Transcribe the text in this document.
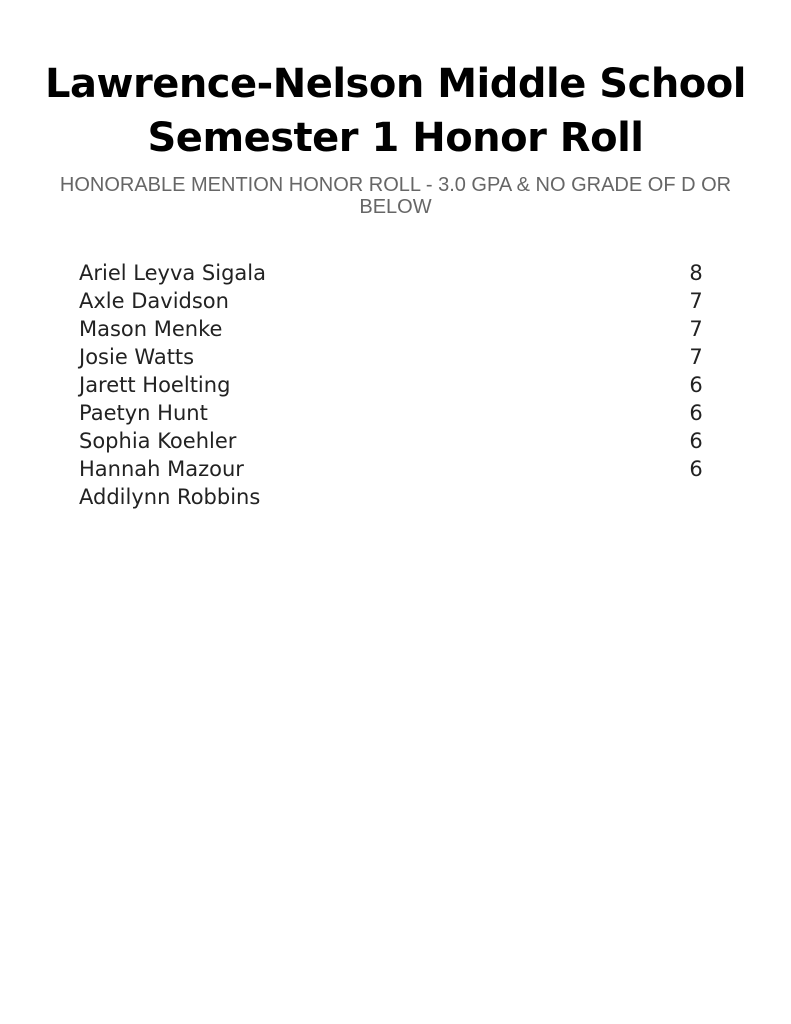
Lawrence-Nelson Middle School
Semester 1 Honor Roll

HONORABLE MENTION HONOR ROLL - 3.0 GPA & NO GRADE OF D OR BELOW

Ariel Leyva Sigala	8
Axle Davidson	7
Mason Menke	7
Josie Watts	7
Jarett Hoelting	6
Paetyn Hunt	6
Sophia Koehler	6
Hannah Mazour	6
Addilynn Robbins
